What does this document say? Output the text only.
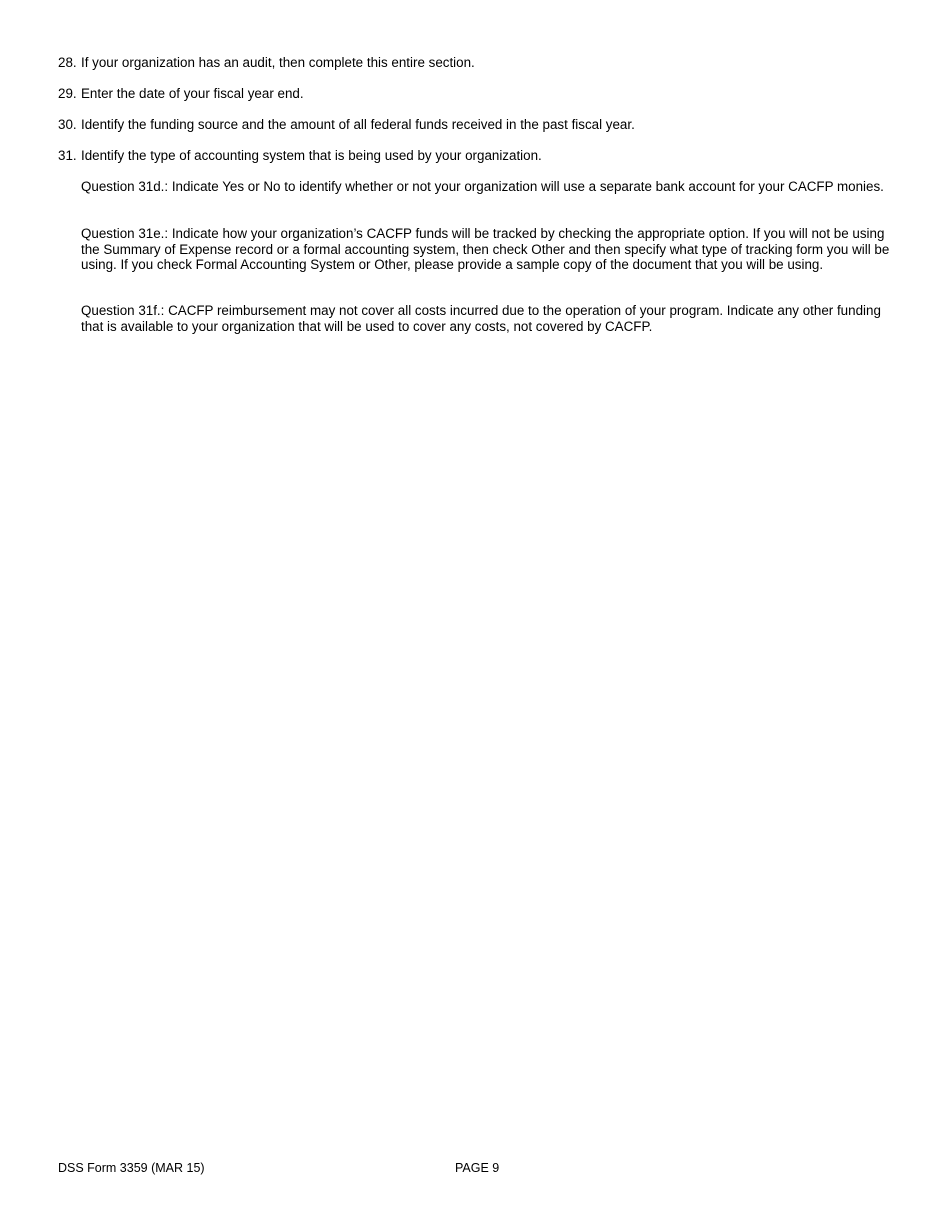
28. If your organization has an audit, then complete this entire section.
29. Enter the date of your fiscal year end.
30. Identify the funding source and the amount of all federal funds received in the past fiscal year.
31. Identify the type of accounting system that is being used by your organization.
Question 31d.: Indicate Yes or No to identify whether or not your organization will use a separate bank account for your CACFP monies.
Question 31e.: Indicate how your organization’s CACFP funds will be tracked by checking the appropriate option. If you will not be using the Summary of Expense record or a formal accounting system, then check Other and then specify what type of tracking form you will be using. If you check Formal Accounting System or Other, please provide a sample copy of the document that you will be using.
Question 31f.: CACFP reimbursement may not cover all costs incurred due to the operation of your program. Indicate any other funding that is available to your organization that will be used to cover any costs, not covered by CACFP.
DSS Form 3359 (MAR 15)	PAGE 9
